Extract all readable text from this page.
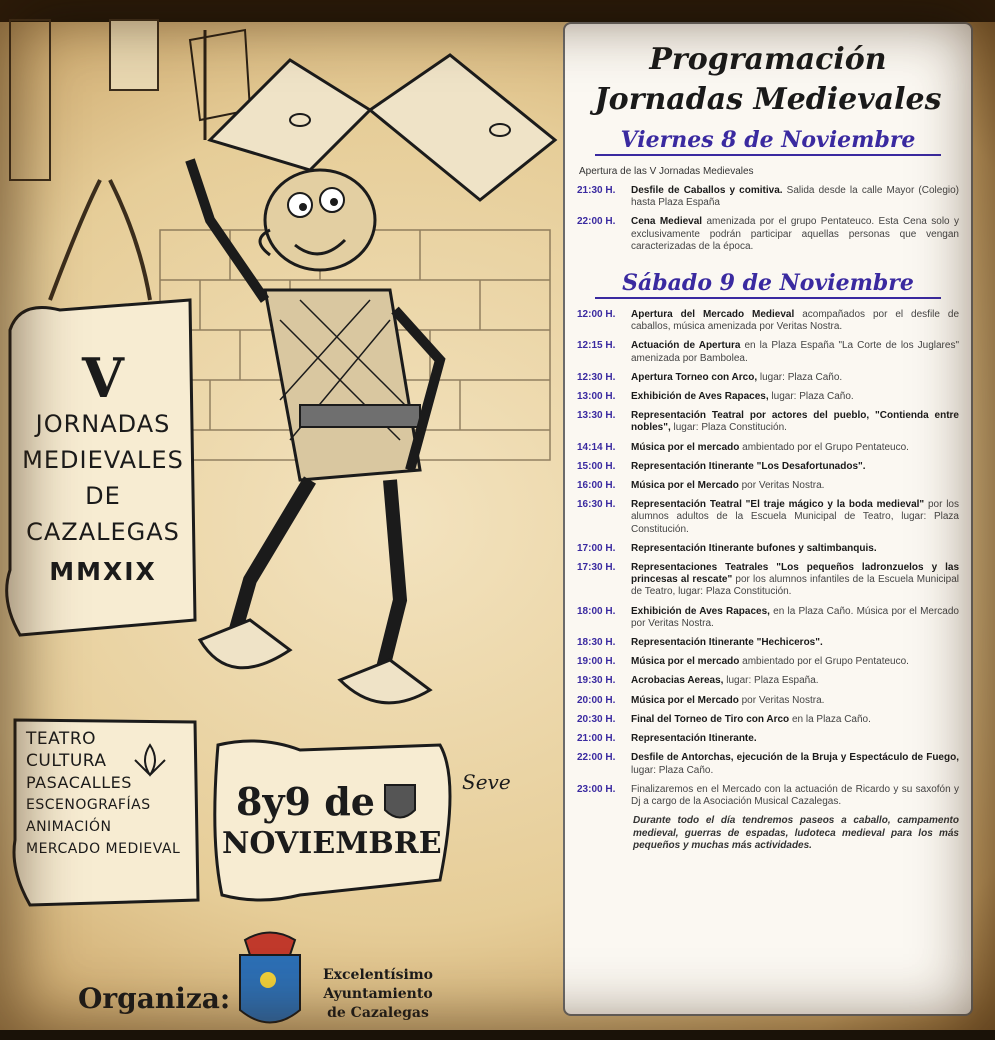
V
JORNADAS
MEDIEVALES
DE
CAZALEGAS
MMXIX
TEATRO
CULTURA
PASACALLES
ESCENOGRAFÍAS
ANIMACIÓN
MERCADO MEDIEVAL
8y9 de
NOVIEMBRE
Seve
Organiza:
Excelentísimo
Ayuntamiento
de Cazalegas
Programación
Jornadas Medievales
Viernes 8 de Noviembre
Apertura de las V Jornadas Medievales
21:30 H.	Desfile de Caballos y comitiva. Salida desde la calle Mayor (Colegio) hasta Plaza España
22:00 H.	Cena Medieval amenizada por el grupo Pentateuco. Esta Cena solo y exclusivamente podrán participar aquellas personas que vengan caracterizadas de la época.
Sábado 9 de Noviembre
12:00 H.	Apertura del Mercado Medieval acompañados por el desfile de caballos, música amenizada por Veritas Nostra.
12:15 H.	Actuación de Apertura en la Plaza España "La Corte de los Juglares" amenizada por Bambolea.
12:30 H.	Apertura Torneo con Arco, lugar: Plaza Caño.
13:00 H.	Exhibición de Aves Rapaces, lugar: Plaza Caño.
13:30 H.	Representación Teatral por actores del pueblo, "Contienda entre nobles", lugar: Plaza Constitución.
14:14 H.	Música por el mercado ambientado por el Grupo Pentateuco.
15:00 H.	Representación Itinerante "Los Desafortunados".
16:00 H.	Música por el Mercado por Veritas Nostra.
16:30 H.	Representación Teatral "El traje mágico y la boda medieval" por los alumnos adultos de la Escuela Municipal de Teatro, lugar: Plaza Constitución.
17:00 H.	Representación Itinerante bufones y saltimbanquis.
17:30 H.	Representaciones Teatrales "Los pequeños ladronzuelos y las princesas al rescate" por los alumnos infantiles de la Escuela Municipal de Teatro, lugar: Plaza Constitución.
18:00 H.	Exhibición de Aves Rapaces, en la Plaza Caño. Música por el Mercado por Veritas Nostra.
18:30 H.	Representación Itinerante "Hechiceros".
19:00 H.	Música por el mercado ambientado por el Grupo Pentateuco.
19:30 H.	Acrobacias Aereas, lugar: Plaza España.
20:00 H.	Música por el Mercado por Veritas Nostra.
20:30 H.	Final del Torneo de Tiro con Arco en la Plaza Caño.
21:00 H.	Representación Itinerante.
22:00 H.	Desfile de Antorchas, ejecución de la Bruja y Espectáculo de Fuego, lugar: Plaza Caño.
23:00 H.	Finalizaremos en el Mercado con la actuación de Ricardo y su saxofón y Dj a cargo de la Asociación Musical Cazalegas.
Durante todo el día tendremos paseos a caballo, campamento medieval, guerras de espadas, ludoteca medieval para los más pequeños y muchas más actividades.
